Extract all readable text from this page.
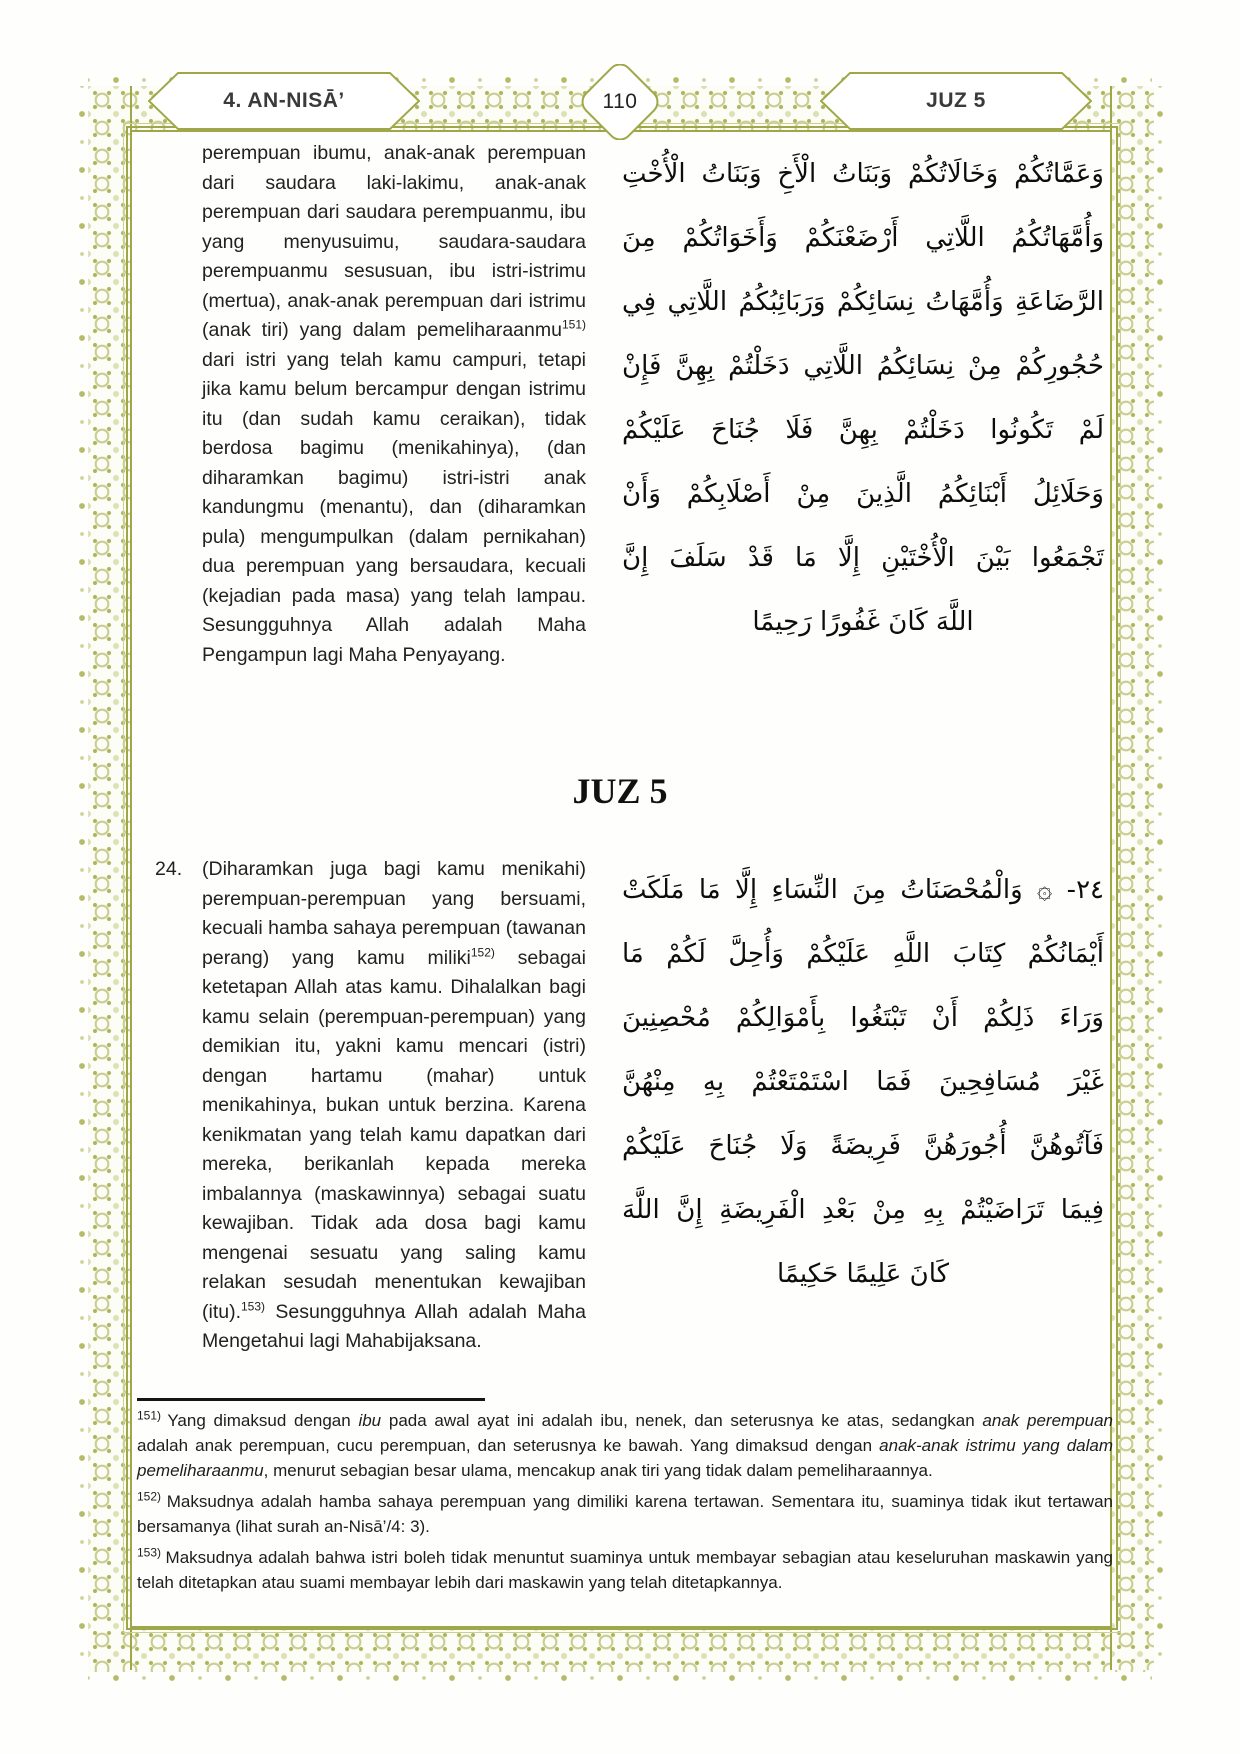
4. AN-NISĀ’	110	JUZ 5
perempuan ibumu, anak-anak perempuan dari saudara laki-lakimu, anak-anak perempuan dari saudara perempuanmu, ibu yang menyusuimu, saudara-saudara perempuanmu sesusuan, ibu istri-istrimu (mertua), anak-anak perempuan dari istrimu (anak tiri) yang dalam pemeliharaanmu$^{151)}$ dari istri yang telah kamu campuri, tetapi jika kamu belum bercampur dengan istrimu itu (dan sudah kamu ceraikan), tidak berdosa bagimu (menikahinya), (dan diharamkan bagimu) istri-istri anak kandungmu (menantu), dan (diharamkan pula) mengumpulkan (dalam pernikahan) dua perempuan yang bersaudara, kecuali (kejadian pada masa) yang telah lampau. Sesungguhnya Allah adalah Maha Pengampun lagi Maha Penyayang.
وَعَمَّاتُكُمْ وَخَالَاتُكُمْ وَبَنَاتُ الْأَخِ وَبَنَاتُ الْأُخْتِ
وَأُمَّهَاتُكُمُ اللَّاتِي أَرْضَعْنَكُمْ وَأَخَوَاتُكُمْ مِنَ
الرَّضَاعَةِ وَأُمَّهَاتُ نِسَائِكُمْ وَرَبَائِبُكُمُ اللَّاتِي فِي
حُجُورِكُمْ مِنْ نِسَائِكُمُ اللَّاتِي دَخَلْتُمْ بِهِنَّ فَإِنْ
لَمْ تَكُونُوا دَخَلْتُمْ بِهِنَّ فَلَا جُنَاحَ عَلَيْكُمْ
وَحَلَائِلُ أَبْنَائِكُمُ الَّذِينَ مِنْ أَصْلَابِكُمْ وَأَنْ
تَجْمَعُوا بَيْنَ الْأُخْتَيْنِ إِلَّا مَا قَدْ سَلَفَ إِنَّ
اللَّهَ كَانَ غَفُورًا رَحِيمًا
JUZ 5
24. (Diharamkan juga bagi kamu menikahi) perempuan-perempuan yang bersuami, kecuali hamba sahaya perempuan (tawanan perang) yang kamu miliki$^{152)}$ sebagai ketetapan Allah atas kamu. Dihalalkan bagi kamu selain (perempuan-perempuan) yang demikian itu, yakni kamu mencari (istri) dengan hartamu (mahar) untuk menikahinya, bukan untuk berzina. Karena kenikmatan yang telah kamu dapatkan dari mereka, berikanlah kepada mereka imbalannya (maskawinnya) sebagai suatu kewajiban. Tidak ada dosa bagi kamu mengenai sesuatu yang saling kamu relakan sesudah menentukan kewajiban (itu).$^{153)}$ Sesungguhnya Allah adalah Maha Mengetahui lagi Mahabijaksana.
٢٤- ۞ وَالْمُحْصَنَاتُ مِنَ النِّسَاءِ إِلَّا مَا مَلَكَتْ
أَيْمَانُكُمْ كِتَابَ اللَّهِ عَلَيْكُمْ وَأُحِلَّ لَكُمْ مَا
وَرَاءَ ذَلِكُمْ أَنْ تَبْتَغُوا بِأَمْوَالِكُمْ مُحْصِنِينَ
غَيْرَ مُسَافِحِينَ فَمَا اسْتَمْتَعْتُمْ بِهِ مِنْهُنَّ
فَآتُوهُنَّ أُجُورَهُنَّ فَرِيضَةً وَلَا جُنَاحَ عَلَيْكُمْ
فِيمَا تَرَاضَيْتُمْ بِهِ مِنْ بَعْدِ الْفَرِيضَةِ إِنَّ اللَّهَ
كَانَ عَلِيمًا حَكِيمًا

$^{151)}$ Yang dimaksud dengan ibu pada awal ayat ini adalah ibu, nenek, dan seterusnya ke atas, sedangkan anak perempuan adalah anak perempuan, cucu perempuan, dan seterusnya ke bawah. Yang dimaksud dengan anak-anak istrimu yang dalam pemeliharaanmu, menurut sebagian besar ulama, mencakup anak tiri yang tidak dalam pemeliharaannya.

$^{152)}$ Maksudnya adalah hamba sahaya perempuan yang dimiliki karena tertawan. Sementara itu, suaminya tidak ikut tertawan bersamanya (lihat surah an-Nisā’/4: 3).

$^{153)}$ Maksudnya adalah bahwa istri boleh tidak menuntut suaminya untuk membayar sebagian atau keseluruhan maskawin yang telah ditetapkan atau suami membayar lebih dari maskawin yang telah ditetapkannya.
